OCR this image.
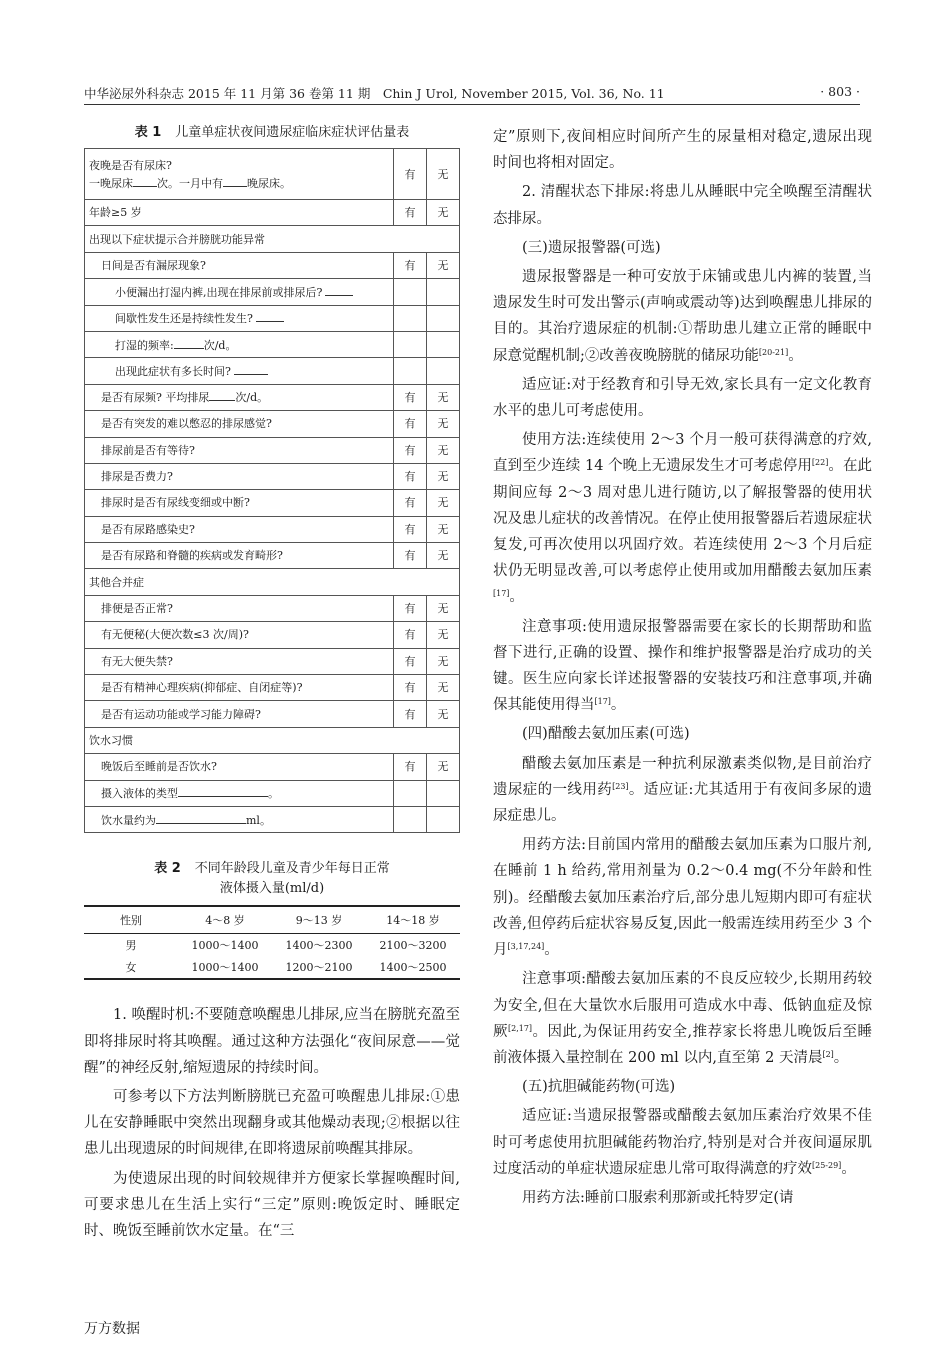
中华泌尿外科杂志 2015 年 11 月第 36 卷第 11 期　Chin J Urol, November 2015, Vol. 36, No. 11	· 803 ·
表 1 儿童单症状夜间遗尿症临床症状评估量表
夜晚是否有尿床?
一晚尿床 次。一月中有 晚尿床。	有	无
年龄≥5 岁	有	无
出现以下症状提示合并膀胱功能异常		
日间是否有漏尿现象?	有	无
小便漏出打湿内裤,出现在排尿前或排尿后?		
间歇性发生还是持续性发生?		
打湿的频率: 次/d。		
出现此症状有多长时间?		
是否有尿频? 平均排尿 次/d。	有	无
是否有突发的难以憋忍的排尿感觉?	有	无
排尿前是否有等待?	有	无
排尿是否费力?	有	无
排尿时是否有尿线变细或中断?	有	无
是否有尿路感染史?	有	无
是否有尿路和脊髓的疾病或发育畸形?	有	无
其他合并症		
排便是否正常?	有	无
有无便秘(大便次数≤3 次/周)?	有	无
有无大便失禁?	有	无
是否有精神心理疾病(抑郁症、自闭症等)?	有	无
是否有运动功能或学习能力障碍?	有	无
饮水习惯		
晚饭后至睡前是否饮水?	有	无
摄入液体的类型 。		
饮水量约为 ml。		
表 2 不同年龄段儿童及青少年每日正常
液体摄入量(ml/d)
性别	4～8 岁	9～13 岁	14～18 岁
男	1000～1400	1400～2300	2100～3200
女	1000～1400	1200～2100	1400～2500

1. 唤醒时机:不要随意唤醒患儿排尿,应当在膀胱充盈至即将排尿时将其唤醒。通过这种方法强化“夜间尿意——觉醒”的神经反射,缩短遗尿的持续时间。

可参考以下方法判断膀胱已充盈可唤醒患儿排尿:①患儿在安静睡眠中突然出现翻身或其他燥动表现;②根据以往患儿出现遗尿的时间规律,在即将遗尿前唤醒其排尿。

为使遗尿出现的时间较规律并方便家长掌握唤醒时间,可要求患儿在生活上实行“三定”原则:晚饭定时、睡眠定时、晚饭至睡前饮水定量。在“三

定”原则下,夜间相应时间所产生的尿量相对稳定,遗尿出现时间也将相对固定。

2. 清醒状态下排尿:将患儿从睡眠中完全唤醒至清醒状态排尿。

(三)遗尿报警器(可选)

遗尿报警器是一种可安放于床铺或患儿内裤的装置,当遗尿发生时可发出警示(声响或震动等)达到唤醒患儿排尿的目的。其治疗遗尿症的机制:①帮助患儿建立正常的睡眠中尿意觉醒机制;②改善夜晚膀胱的储尿功能[20-21]。

适应证:对于经教育和引导无效,家长具有一定文化教育水平的患儿可考虑使用。

使用方法:连续使用 2～3 个月一般可获得满意的疗效,直到至少连续 14 个晚上无遗尿发生才可考虑停用[22]。在此期间应每 2～3 周对患儿进行随访,以了解报警器的使用状况及患儿症状的改善情况。在停止使用报警器后若遗尿症状复发,可再次使用以巩固疗效。若连续使用 2～3 个月后症状仍无明显改善,可以考虑停止使用或加用醋酸去氨加压素[17]。

注意事项:使用遗尿报警器需要在家长的长期帮助和监督下进行,正确的设置、操作和维护报警器是治疗成功的关键。医生应向家长详述报警器的安装技巧和注意事项,并确保其能使用得当[17]。

(四)醋酸去氨加压素(可选)

醋酸去氨加压素是一种抗利尿激素类似物,是目前治疗遗尿症的一线用药[23]。适应证:尤其适用于有夜间多尿的遗尿症患儿。

用药方法:目前国内常用的醋酸去氨加压素为口服片剂,在睡前 1 h 给药,常用剂量为 0.2～0.4 mg(不分年龄和性别)。经醋酸去氨加压素治疗后,部分患儿短期内即可有症状改善,但停药后症状容易反复,因此一般需连续用药至少 3 个月[3,17,24]。

注意事项:醋酸去氨加压素的不良反应较少,长期用药较为安全,但在大量饮水后服用可造成水中毒、低钠血症及惊厥[2,17]。因此,为保证用药安全,推荐家长将患儿晚饭后至睡前液体摄入量控制在 200 ml 以内,直至第 2 天清晨[2]。

(五)抗胆碱能药物(可选)

适应证:当遗尿报警器或醋酸去氨加压素治疗效果不佳时可考虑使用抗胆碱能药物治疗,特别是对合并夜间逼尿肌过度活动的单症状遗尿症患儿常可取得满意的疗效[25-29]。

用药方法:睡前口服索利那新或托特罗定(请

万方数据
